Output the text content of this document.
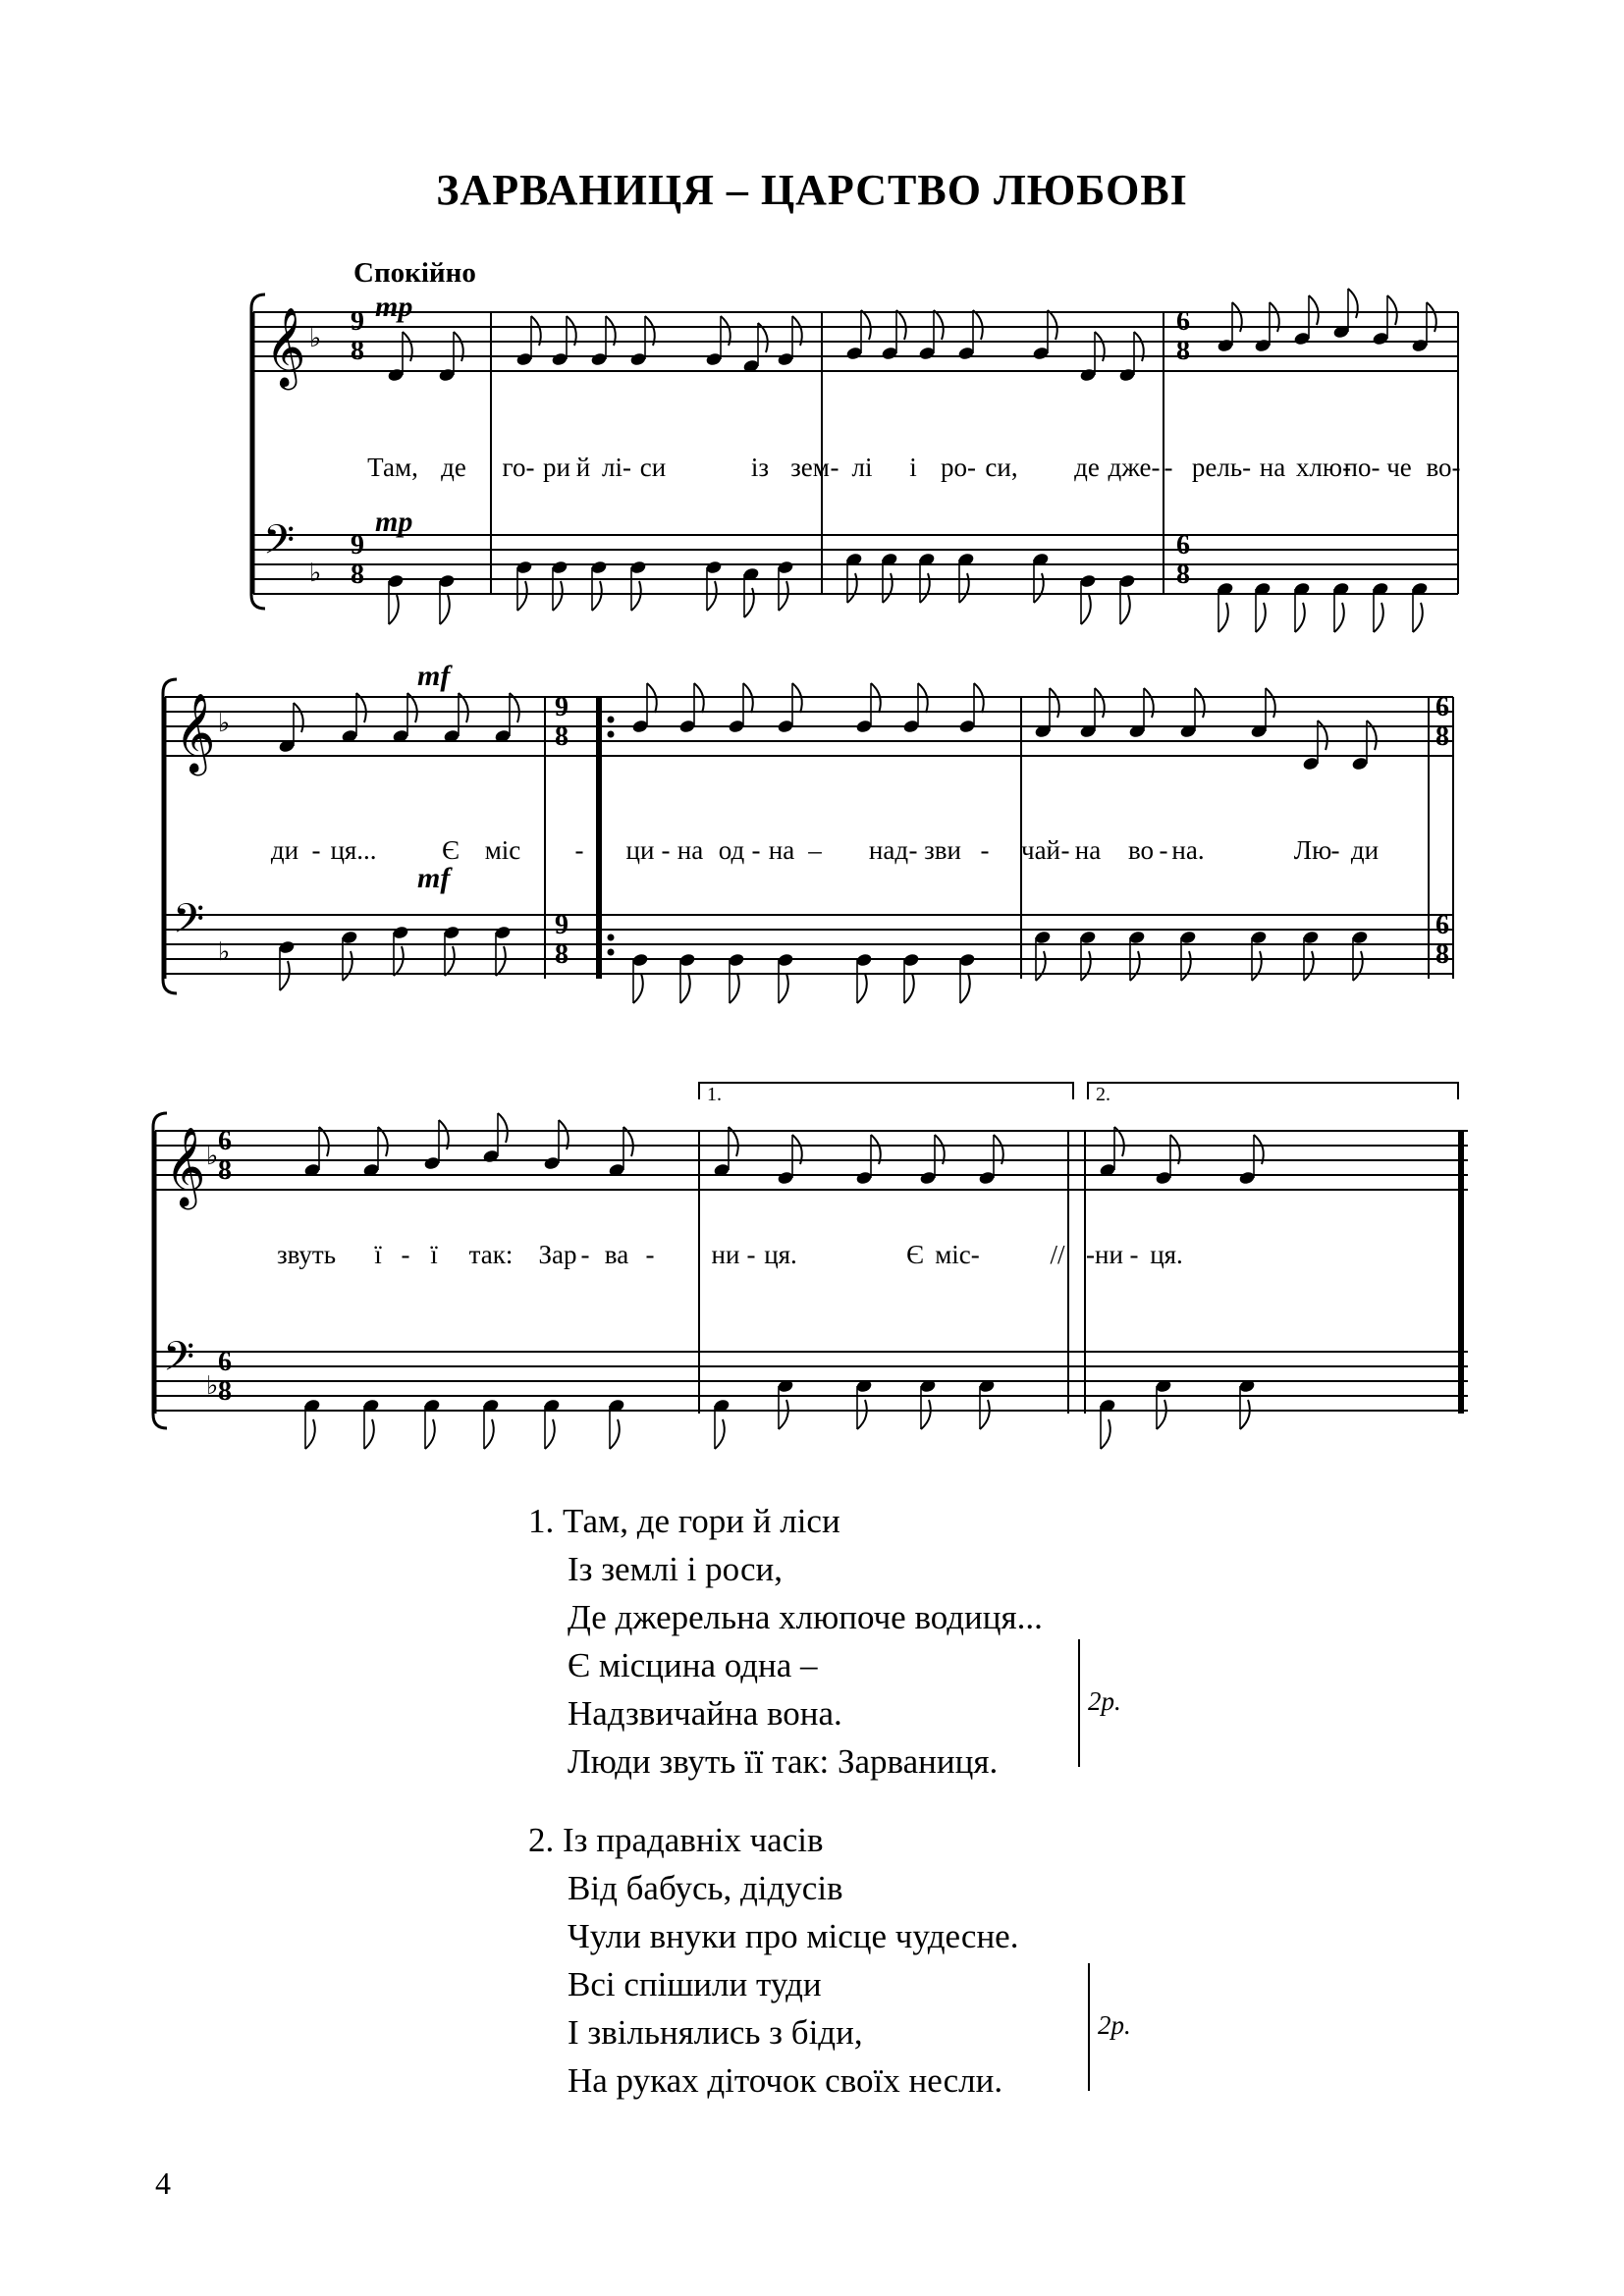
ЗАРВАНИЦЯ – ЦАРСТВО ЛЮБОВІ
Спокійно
mp
mp
mf
mf
𝄞
𝄢
♭
♭
9
8
9
8
6
8
6
8
𝄞
𝄢
♭
♭
9
8
9
8
6
8
6
8
𝄞
𝄢
♭
♭
6
8
6
8
Там, де го- ри й лі- си	із зем - лі і ро- си, де дже- - рель- на хлю-
по- че во-
ди - ця... Є міс - ци - на од - на – над - зви - чай - на во - на.	Лю - ди
звуть ї - ї так: Зар - ва - ни - ця.	Є міс-	// -ни - ця.
1.	2.
1. Там, де гори й ліси
Із землі і роси,
Де джерельна хлюпоче водиця...
Є місцина одна –
Надзвичайна вона.
Люди звуть її так: Зарваниця.
2р.
2. Із прадавніх часів
Від бабусь, дідусів
Чули внуки про місце чудесне.
Всі спішили туди
І звільнялись з біди,
На руках діточок своїх несли.
2р.
4
